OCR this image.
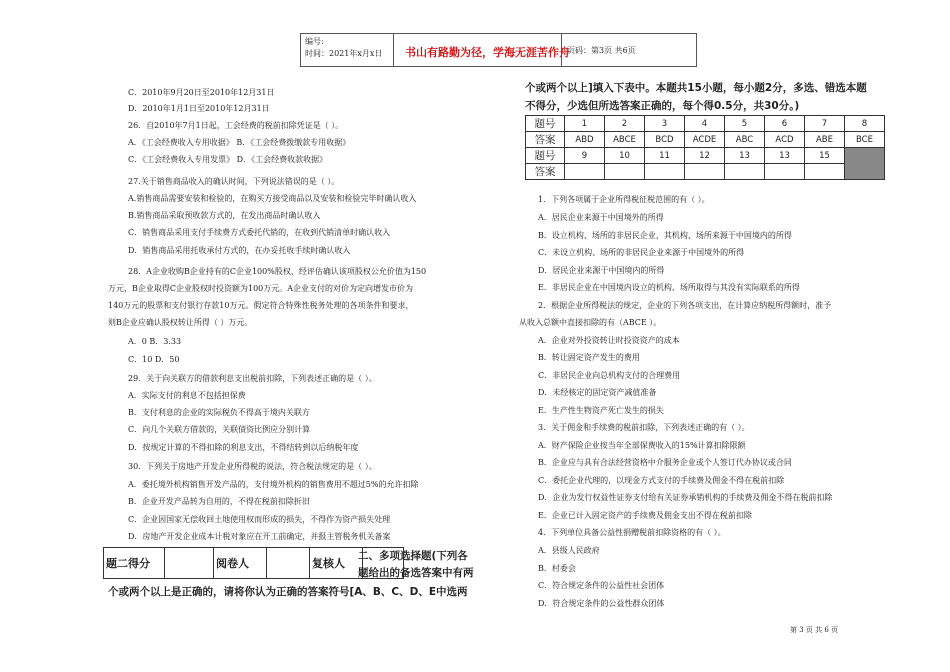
编号:
时间：2021年x月x日 书山有路勤为径，学海无涯苦作舟
页码：第3页 共6页
C．2010年9月20日至2010年12月31日
D．2010年1月1日至2010年12月31日
26．自2010年7月1日起，工会经费的税前扣除凭证是（ ）。
A．《工会经费收入专用收据》 B．《工会经费拨缴款专用收据》
C．《工会经费收入专用发票》 D．《工会经费收款收据》
27.关于销售商品收入的确认时间，下列说法错误的是（ ）。
A.销售商品需要安装和检验的，在购买方接受商品以及安装和检验完毕时确认收入
B.销售商品采取预收款方式的，在发出商品时确认收入
C．销售商品采用支付手续费方式委托代销的，在收到代销清单时确认收入
D．销售商品采用托收承付方式的，在办妥托收手续时确认收入
28．A企业收购B企业持有的C企业100%股权，经评估确认该项股权公允价值为150
万元，B企业取得C企业股权时投资额为100万元。A企业支付的对价为定向增发市价为
140万元的股票和支付银行存款10万元。假定符合特殊性税务处理的各项条件和要求，
则B企业应确认股权转让所得（ ）万元。
A．0 B．3.33
C．10 D．50
29．关于向关联方的借款利息支出税前扣除，下列表述正确的是（ ）。
A．实际支付的利息不包括担保费
B．支付利息的企业的实际税负不得高于境内关联方
C．向几个关联方借款的，关联债资比例应分别计算
D．按规定计算的不得扣除的利息支出，不得结转到以后纳税年度
30．下列关于房地产开发企业所得税的说法，符合税法规定的是（ ）。
A．委托境外机构销售开发产品的，支付境外机构的销售费用不超过5%的允许扣除
B．企业开发产品转为自用的，不得在税前扣除折旧
C．企业因国家无偿收回土地使用权而形成的损失，不得作为资产损失处理
D．房地产开发企业成本计税对象应在开工前确定，并报主管税务机关备案
题二得分		阅卷人		复核人	
二、多项选择题(下列各
题给出的备选答案中有两
个或两个以上是正确的，请将你认为正确的答案符号[A、B、C、D、E中选两
个或两个以上]填入下表中。本题共15小题，每小题2分，多选、错选本题
不得分，少选但所选答案正确的，每个得0.5分，共30分。)
题号	1	2	3	4	5	6	7	8
答案	ABD	ABCE	BCD	ACDE	ABC	ACD	ABE	BCE
题号	9	10	11	12	13	13	15	
答案								
1．下列各项属于企业所得税征税范围的有（ ）。
A．居民企业来源于中国境外的所得
B．设立机构、场所的非居民企业，其机构、场所来源于中国境内的所得
C．未设立机构、场所的非居民企业来源于中国境外的所得
D．居民企业来源于中国境内的所得
E．非居民企业在中国境内设立的机构、场所取得与其没有实际联系的所得
2．根据企业所得税法的规定，企业的下列各项支出，在计算应纳税所得额时，准予
从收入总额中直接扣除的有（ABCE ）。
A．企业对外投资转让时投资资产的成本
B．转让固定资产发生的费用
C．非居民企业向总机构支付的合理费用
D．未经核定的固定资产减值准备
E．生产性生物资产死亡发生的损失
3．关于佣金和手续费的税前扣除，下列表述正确的有（ ）。
A．财产保险企业按当年全部保费收入的15%计算扣除限额
B．企业应与具有合法经营资格中介服务企业或个人签订代办协议或合同
C．委托企业代理的，以现金方式支付的手续费及佣金不得在税前扣除
D．企业为发行权益性证券支付给有关证券承销机构的手续费及佣金不得在税前扣除
E．企业已计入固定资产的手续费及佣金支出不得在税前扣除
4．下列单位具备公益性捐赠税前扣除资格的有（ ）。
A．县级人民政府
B．村委会
C．符合规定条件的公益性社会团体
D．符合规定条件的公益性群众团体
第 3 页 共 6 页
